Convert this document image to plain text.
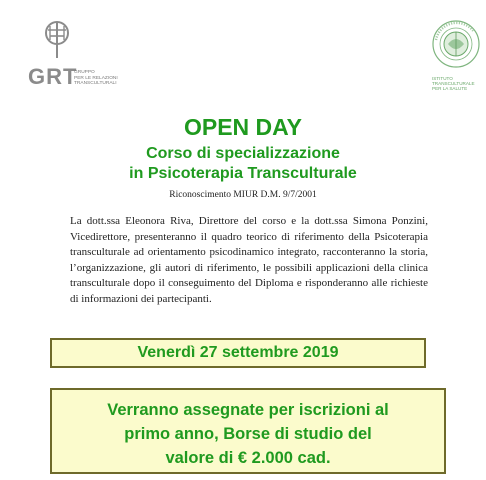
GRT
GRUPPO
PER LE RELAZIONI
TRANSCULTURALI
ISTITUTO
TRANSCULTURALE
PER LA SALUTE
OPEN DAY
Corso di specializzazione
in Psicoterapia Transculturale
Riconoscimento MIUR D.M. 9/7/2001
La dott.ssa Eleonora Riva, Direttore del corso e la dott.ssa Simona Ponzini, Vicedirettore, presenteranno il quadro teorico di riferimento della Psicoterapia transculturale ad orientamento psicodinamico integrato, racconteranno la storia, l’organizzazione, gli autori di riferimento, le possibili applicazioni della clinica transculturale dopo il conseguimento del Diploma e risponderanno alle richieste di informazioni dei partecipanti.
Venerdì 27 settembre 2019
Verranno assegnate per iscrizioni al
primo anno, Borse di studio del
valore di € 2.000 cad.
